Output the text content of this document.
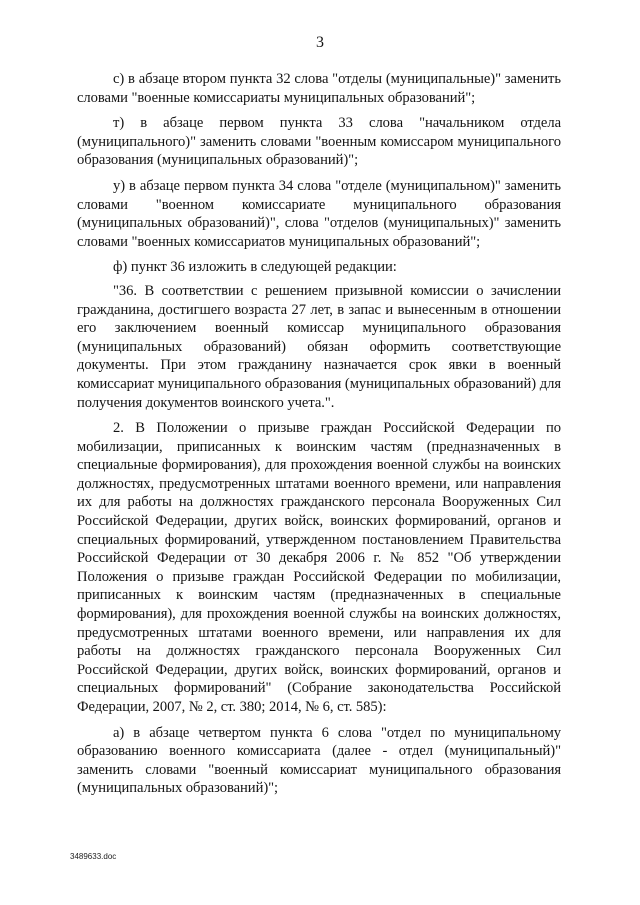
3

с) в абзаце втором пункта 32 слова "отделы (муниципальные)" заменить словами "военные комиссариаты муниципальных образований";

т) в абзаце первом пункта 33 слова "начальником отдела (муниципального)" заменить словами "военным комиссаром муниципального образования (муниципальных образований)";

у) в абзаце первом пункта 34 слова "отделе (муниципальном)" заменить словами "военном комиссариате муниципального образования (муниципальных образований)", слова "отделов (муниципальных)" заменить словами "военных комиссариатов муниципальных образований";

ф) пункт 36 изложить в следующей редакции:

"36. В соответствии с решением призывной комиссии о зачислении гражданина, достигшего возраста 27 лет, в запас и вынесенным в отношении его заключением военный комиссар муниципального образования (муниципальных образований) обязан оформить соответствующие документы. При этом гражданину назначается срок явки в военный комиссариат муниципального образования (муниципальных образований) для получения документов воинского учета.".

2. В Положении о призыве граждан Российской Федерации по мобилизации, приписанных к воинским частям (предназначенных в специальные формирования), для прохождения военной службы на воинских должностях, предусмотренных штатами военного времени, или направления их для работы на должностях гражданского персонала Вооруженных Сил Российской Федерации, других войск, воинских формирований, органов и специальных формирований, утвержденном постановлением Правительства Российской Федерации от 30 декабря 2006 г. № 852 "Об утверждении Положения о призыве граждан Российской Федерации по мобилизации, приписанных к воинским частям (предназначенных в специальные формирования), для прохождения военной службы на воинских должностях, предусмотренных штатами военного времени, или направления их для работы на должностях гражданского персонала Вооруженных Сил Российской Федерации, других войск, воинских формирований, органов и специальных формирований" (Собрание законодательства Российской Федерации, 2007, № 2, ст. 380; 2014, № 6, ст. 585):

а) в абзаце четвертом пункта 6 слова "отдел по муниципальному образованию военного комиссариата (далее - отдел (муниципальный)" заменить словами "военный комиссариат муниципального образования (муниципальных образований)";

3489633.doc
